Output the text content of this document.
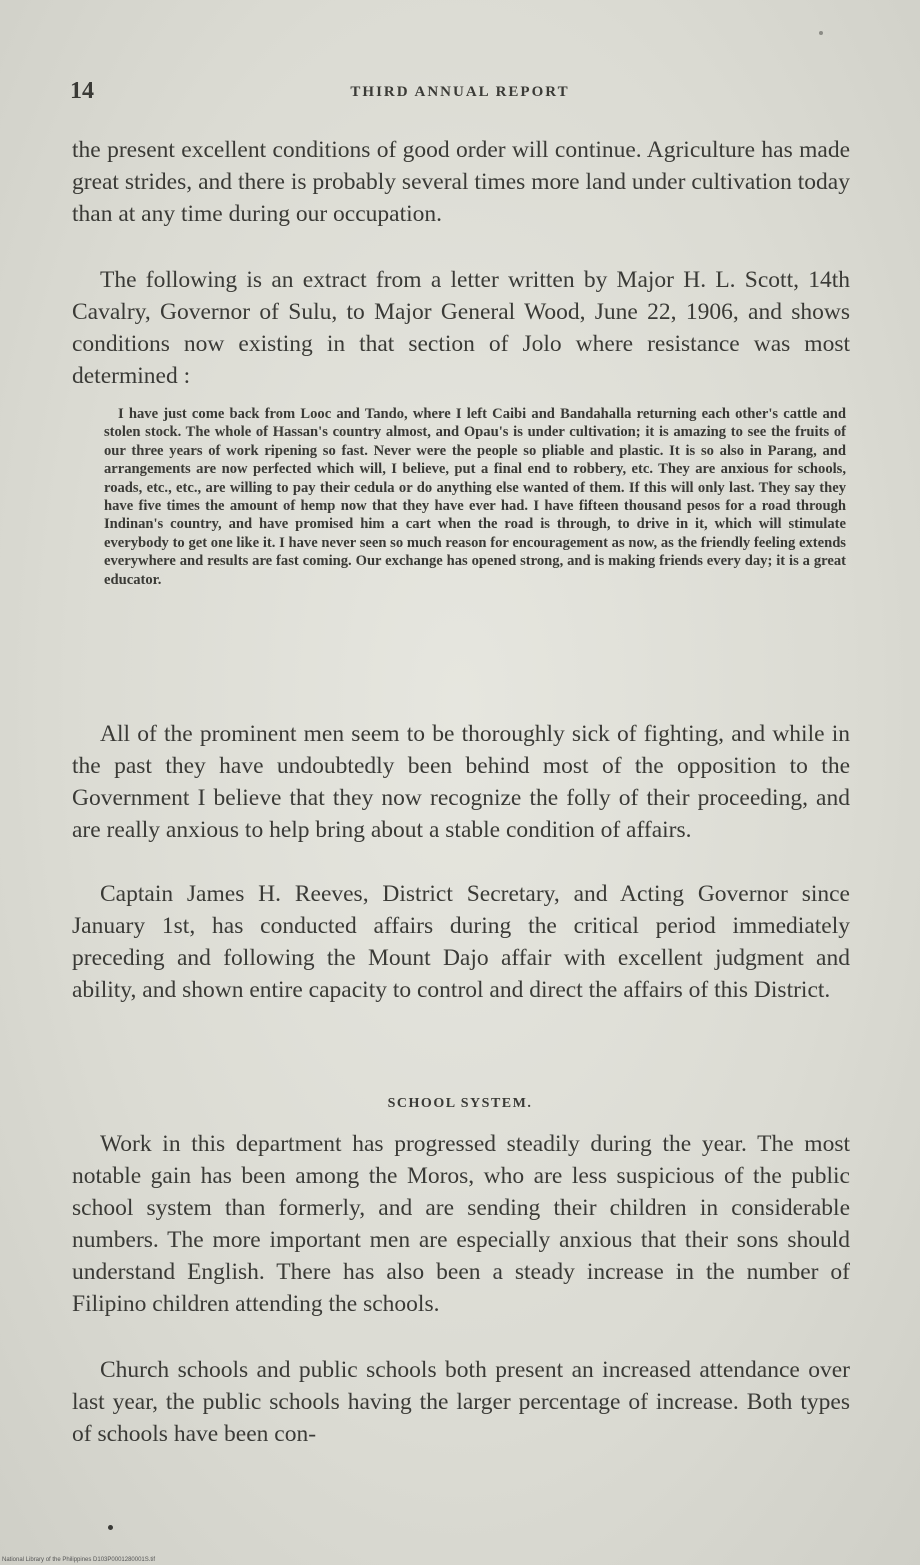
14	THIRD ANNUAL REPORT
the present excellent conditions of good order will continue. Agriculture has made great strides, and there is probably several times more land under cultivation today than at any time during our occupation.
The following is an extract from a letter written by Major H. L. Scott, 14th Cavalry, Governor of Sulu, to Major General Wood, June 22, 1906, and shows conditions now existing in that section of Jolo where resistance was most determined :
I have just come back from Looc and Tando, where I left Caibi and Bandahalla returning each other's cattle and stolen stock. The whole of Hassan's country almost, and Opau's is under cultivation; it is amazing to see the fruits of our three years of work ripening so fast. Never were the people so pliable and plastic. It is so also in Parang, and arrangements are now perfected which will, I believe, put a final end to robbery, etc. They are anxious for schools, roads, etc., etc., are willing to pay their cedula or do anything else wanted of them. If this will only last. They say they have five times the amount of hemp now that they have ever had. I have fifteen thousand pesos for a road through Indinan's country, and have promised him a cart when the road is through, to drive in it, which will stimulate everybody to get one like it. I have never seen so much reason for encouragement as now, as the friendly feeling extends everywhere and results are fast coming. Our exchange has opened strong, and is making friends every day; it is a great educator.
All of the prominent men seem to be thoroughly sick of fighting, and while in the past they have undoubtedly been behind most of the opposition to the Government I believe that they now recognize the folly of their proceeding, and are really anxious to help bring about a stable condition of affairs.
Captain James H. Reeves, District Secretary, and Acting Governor since January 1st, has conducted affairs during the critical period immediately preceding and following the Mount Dajo affair with excellent judgment and ability, and shown entire capacity to control and direct the affairs of this District.
SCHOOL SYSTEM.
Work in this department has progressed steadily during the year. The most notable gain has been among the Moros, who are less suspicious of the public school system than formerly, and are sending their children in considerable numbers. The more important men are especially anxious that their sons should understand English. There has also been a steady increase in the number of Filipino children attending the schools.
Church schools and public schools both present an increased attendance over last year, the public schools having the larger percentage of increase. Both types of schools have been con-
National Library of the Philippines D103P0001280001S.tif
